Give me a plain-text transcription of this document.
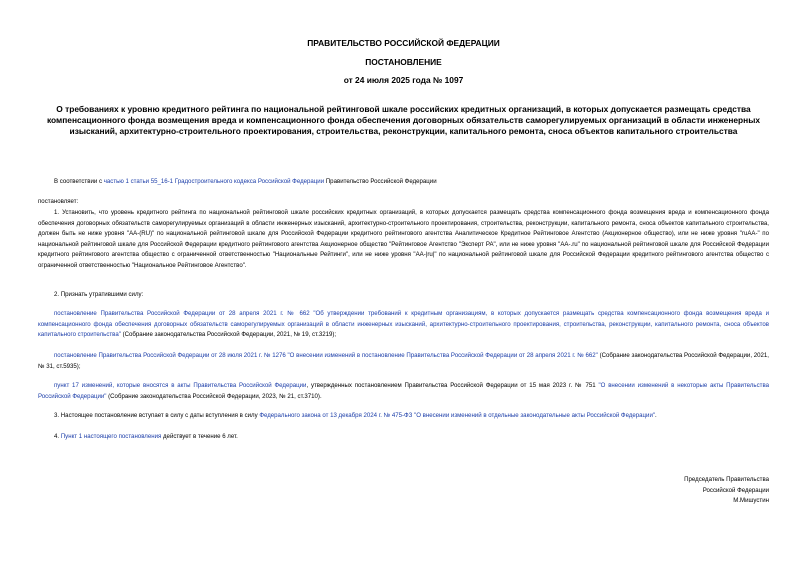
ПРАВИТЕЛЬСТВО РОССИЙСКОЙ ФЕДЕРАЦИИ

ПОСТАНОВЛЕНИЕ

от 24 июля 2025 года № 1097

О требованиях к уровню кредитного рейтинга по национальной рейтинговой шкале российских кредитных организаций, в которых допускается размещать средства компенсационного фонда возмещения вреда и компенсационного фонда обеспечения договорных обязательств саморегулируемых организаций в области инженерных изысканий, архитектурно-строительного проектирования, строительства, реконструкции, капитального ремонта, сноса объектов капитального строительства

В соответствии с частью 1 статьи 55_16-1 Градостроительного кодекса Российской Федерации Правительство Российской Федерации

постановляет:

1. Установить, что уровень кредитного рейтинга по национальной рейтинговой шкале российских кредитных организаций, в которых допускается размещать средства компенсационного фонда возмещения вреда и компенсационного фонда обеспечения договорных обязательств саморегулируемых организаций в области инженерных изысканий, архитектурно-строительного проектирования, строительства, реконструкции, капитального ремонта, сноса объектов капитального строительства, должен быть не ниже уровня "AA-(RU)" по национальной рейтинговой шкале для Российской Федерации кредитного рейтингового агентства Аналитическое Кредитное Рейтинговое Агентство (Акционерное общество), или не ниже уровня "ruAA-" по национальной рейтинговой шкале для Российской Федерации кредитного рейтингового агентства Акционерное общество "Рейтинговое Агентство "Эксперт РА", или не ниже уровня "AA-.ru" по национальной рейтинговой шкале для Российской Федерации кредитного рейтингового агентства общество с ограниченной ответственностью "Национальные Рейтинги", или не ниже уровня "AA-|ru|" по национальной рейтинговой шкале для Российской Федерации кредитного рейтингового агентства общество с ограниченной ответственностью "Национальное Рейтинговое Агентство".

2. Признать утратившими силу:

постановление Правительства Российской Федерации от 28 апреля 2021 г. № 662 "Об утверждении требований к кредитным организациям, в которых допускается размещать средства компенсационного фонда возмещения вреда и компенсационного фонда обеспечения договорных обязательств саморегулируемых организаций в области инженерных изысканий, архитектурно-строительного проектирования, строительства, реконструкции, капитального ремонта, сноса объектов капитального строительства" (Собрание законодательства Российской Федерации, 2021, № 19, ст.3219);

постановление Правительства Российской Федерации от 28 июля 2021 г. № 1276 "О внесении изменений в постановление Правительства Российской Федерации от 28 апреля 2021 г. № 662" (Собрание законодательства Российской Федерации, 2021, № 31, ст.5935);

пункт 17 изменений, которые вносятся в акты Правительства Российской Федерации, утвержденных постановлением Правительства Российской Федерации от 15 мая 2023 г. № 751 "О внесении изменений в некоторые акты Правительства Российской Федерации" (Собрание законодательства Российской Федерации, 2023, № 21, ст.3710).

3. Настоящее постановление вступает в силу с даты вступления в силу Федерального закона от 13 декабря 2024 г. № 475-ФЗ "О внесении изменений в отдельные законодательные акты Российской Федерации".

4. Пункт 1 настоящего постановления действует в течение 6 лет.

Председатель Правительства
Российской Федерации
М.Мишустин
